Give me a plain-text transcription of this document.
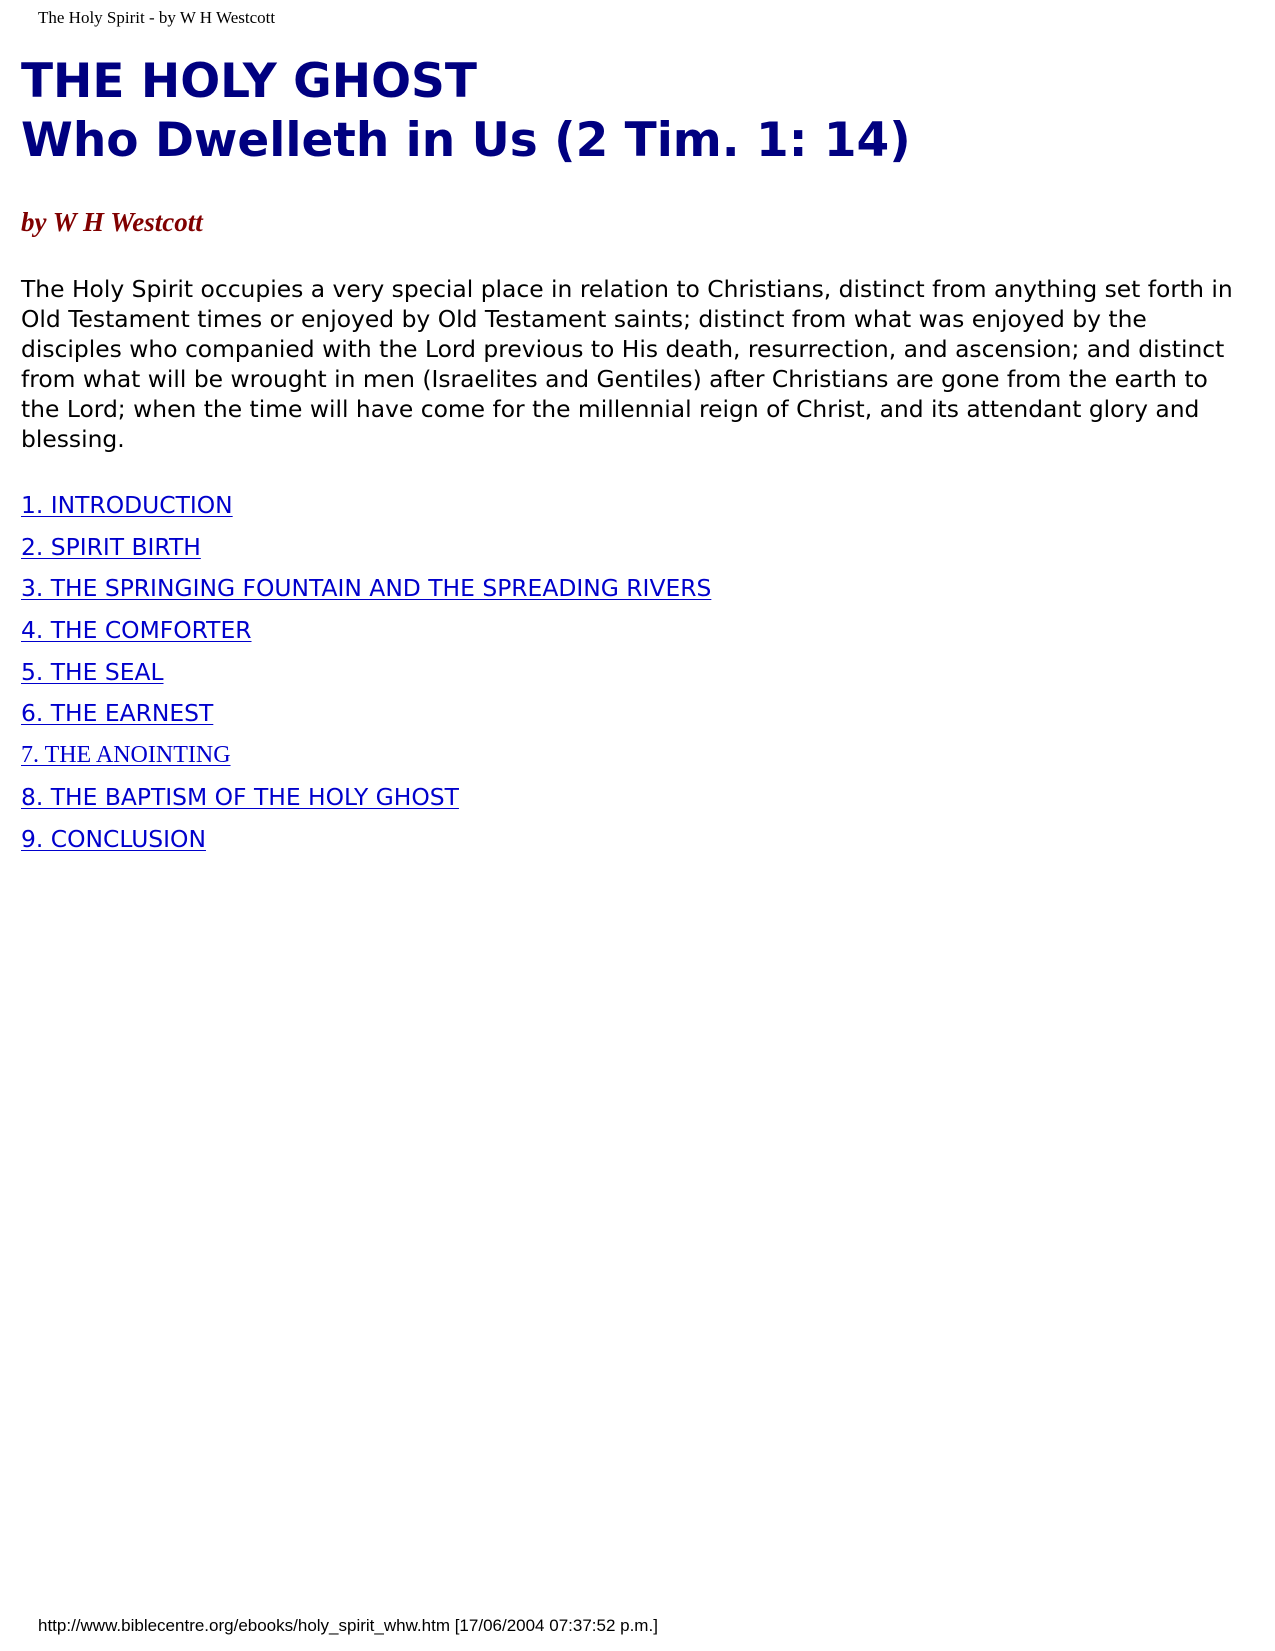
The Holy Spirit - by W H Westcott
THE HOLY GHOST
Who Dwelleth in Us (2 Tim. 1: 14)

by W H Westcott

The Holy Spirit occupies a very special place in relation to Christians, distinct from anything set forth in Old Testament times or enjoyed by Old Testament saints; distinct from what was enjoyed by the disciples who companied with the Lord previous to His death, resurrection, and ascension; and distinct from what will be wrought in men (Israelites and Gentiles) after Christians are gone from the earth to the Lord; when the time will have come for the millennial reign of Christ, and its attendant glory and blessing.

1. INTRODUCTION
2. SPIRIT BIRTH
3. THE SPRINGING FOUNTAIN AND THE SPREADING RIVERS
4. THE COMFORTER
5. THE SEAL
6. THE EARNEST
7. THE ANOINTING
8. THE BAPTISM OF THE HOLY GHOST
9. CONCLUSION
http://www.biblecentre.org/ebooks/holy_spirit_whw.htm [17/06/2004 07:37:52 p.m.]
